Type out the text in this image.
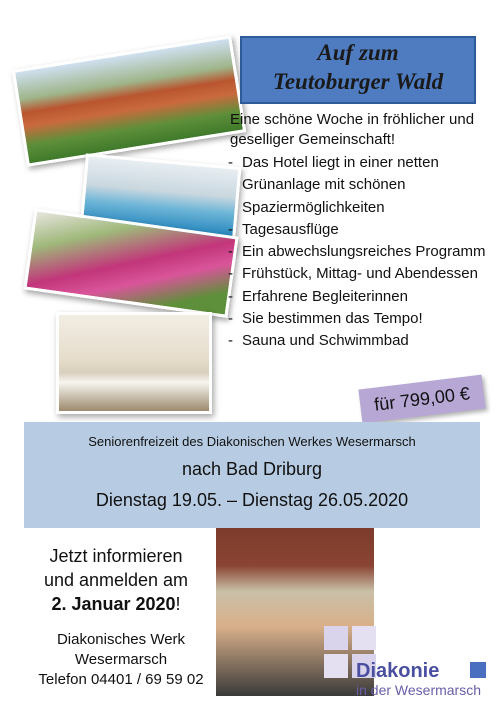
Auf zum
Teutoburger Wald
Eine schöne Woche in fröhlicher und geselliger Gemeinschaft!
- Das Hotel liegt in einer netten Grünanlage mit schönen Spaziermöglichkeiten
- Tagesausflüge
- Ein abwechslungsreiches Programm
- Frühstück, Mittag- und Abendessen
- Erfahrene Begleiterinnen
- Sie bestimmen das Tempo!
- Sauna und Schwimmbad
für 799,00 €
Seniorenfreizeit des Diakonischen Werkes Wesermarsch
nach Bad Driburg
Dienstag 19.05. – Dienstag 26.05.2020
Jetzt informieren
und anmelden am
2. Januar 2020!
Diakonisches Werk
Wesermarsch
Telefon 04401 / 69 59 02	Diakonie
in der Wesermarsch
